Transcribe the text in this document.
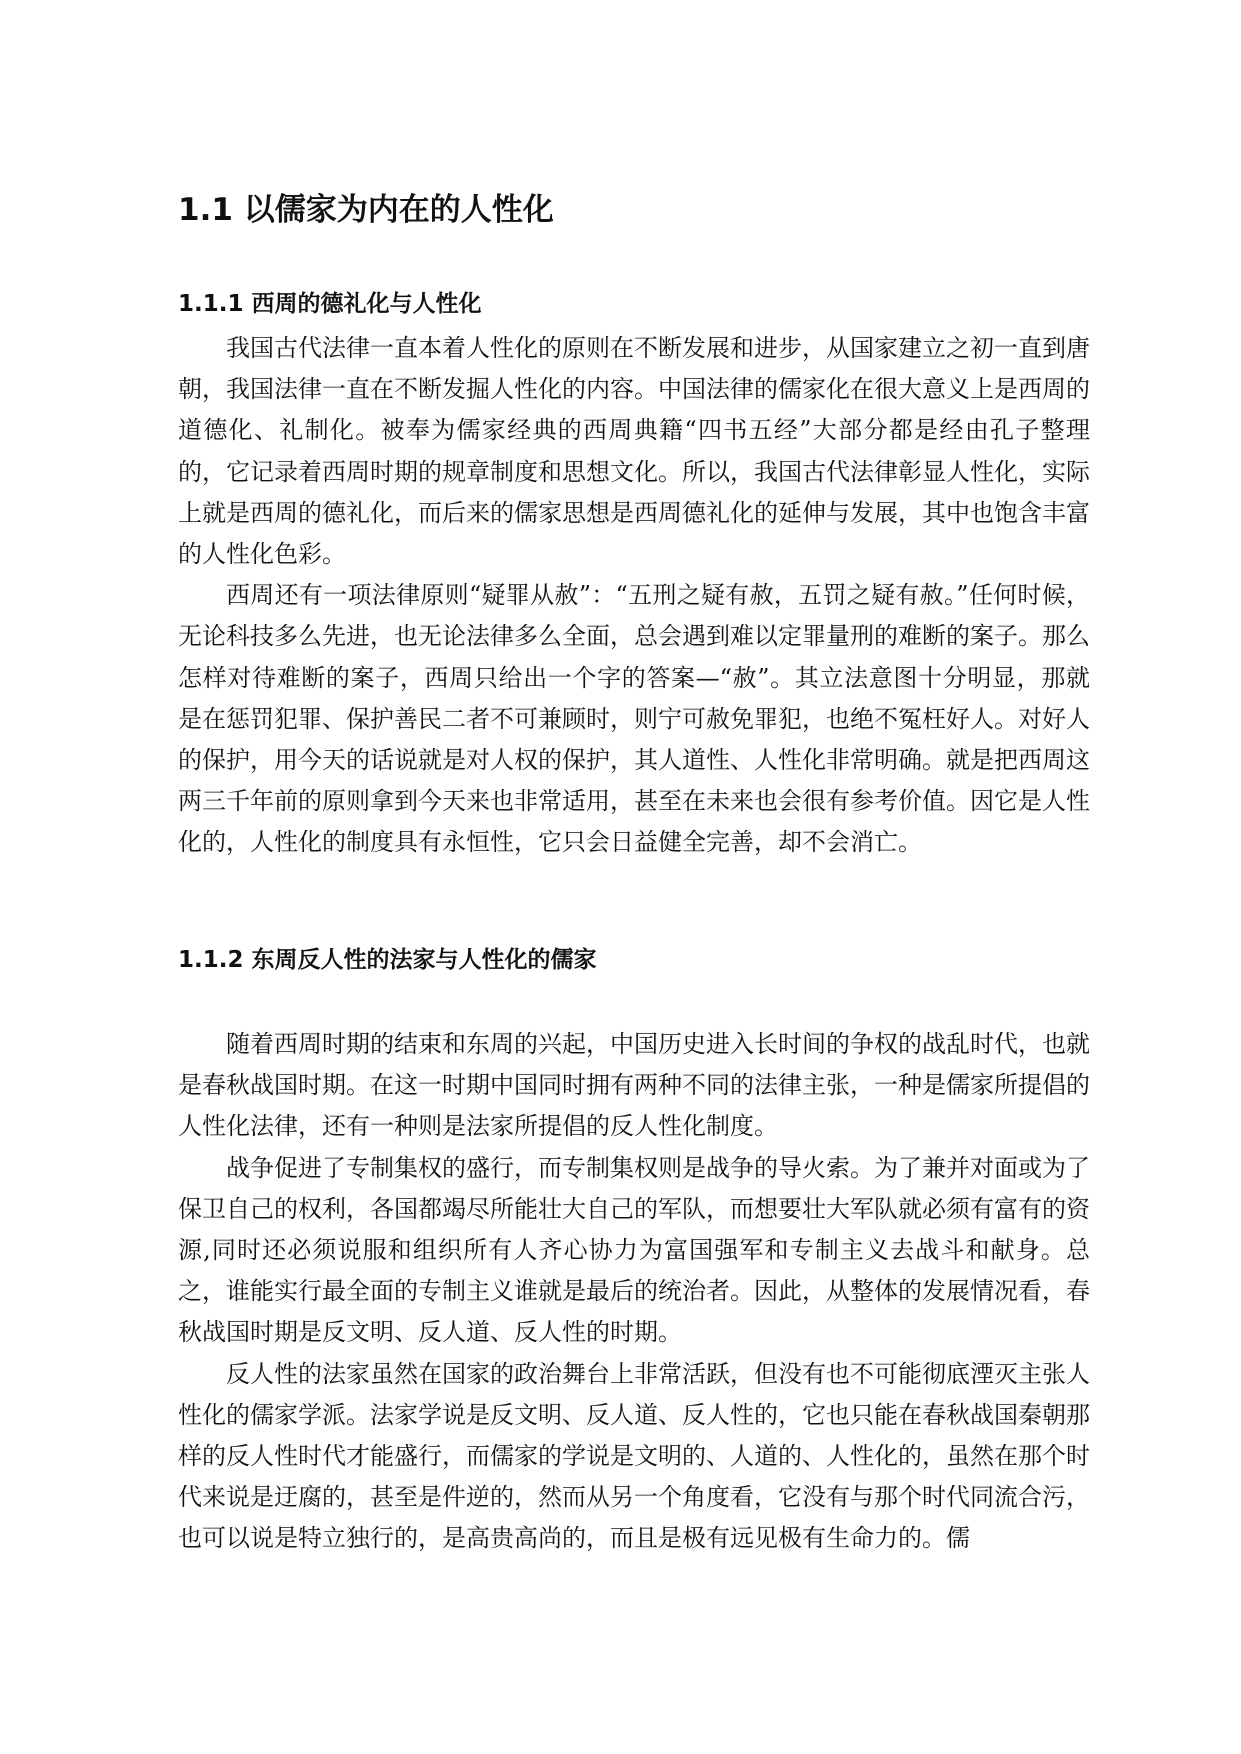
1.1 以儒家为内在的人性化
1.1.1 西周的德礼化与人性化

我国古代法律一直本着人性化的原则在不断发展和进步，从国家建立之初一直到唐朝，我国法律一直在不断发掘人性化的内容。中国法律的儒家化在很大意义上是西周的道德化、礼制化。被奉为儒家经典的西周典籍“四书五经”大部分都是经由孔子整理的，它记录着西周时期的规章制度和思想文化。所以，我国古代法律彰显人性化，实际上就是西周的德礼化，而后来的儒家思想是西周德礼化的延伸与发展，其中也饱含丰富的人性化色彩。

西周还有一项法律原则“疑罪从赦”：“五刑之疑有赦，五罚之疑有赦。”任何时候，无论科技多么先进，也无论法律多么全面，总会遇到难以定罪量刑的难断的案子。那么怎样对待难断的案子，西周只给出一个字的答案—“赦”。其立法意图十分明显，那就是在惩罚犯罪、保护善民二者不可兼顾时，则宁可赦免罪犯，也绝不冤枉好人。对好人的保护，用今天的话说就是对人权的保护，其人道性、人性化非常明确。就是把西周这两三千年前的原则拿到今天来也非常适用，甚至在未来也会很有参考价值。因它是人性化的，人性化的制度具有永恒性，它只会日益健全完善，却不会消亡。

1.1.2 东周反人性的法家与人性化的儒家

随着西周时期的结束和东周的兴起，中国历史进入长时间的争权的战乱时代，也就是春秋战国时期。在这一时期中国同时拥有两种不同的法律主张，一种是儒家所提倡的人性化法律，还有一种则是法家所提倡的反人性化制度。

战争促进了专制集权的盛行，而专制集权则是战争的导火索。为了兼并对面或为了保卫自己的权利，各国都竭尽所能壮大自己的军队，而想要壮大军队就必须有富有的资源,同时还必须说服和组织所有人齐心协力为富国强军和专制主义去战斗和献身。总之，谁能实行最全面的专制主义谁就是最后的统治者。因此，从整体的发展情况看，春秋战国时期是反文明、反人道、反人性的时期。

反人性的法家虽然在国家的政治舞台上非常活跃，但没有也不可能彻底湮灭主张人性化的儒家学派。法家学说是反文明、反人道、反人性的，它也只能在春秋战国秦朝那样的反人性时代才能盛行，而儒家的学说是文明的、人道的、人性化的，虽然在那个时代来说是迂腐的，甚至是件逆的，然而从另一个角度看，它没有与那个时代同流合污，也可以说是特立独行的，是高贵高尚的，而且是极有远见极有生命力的。儒
